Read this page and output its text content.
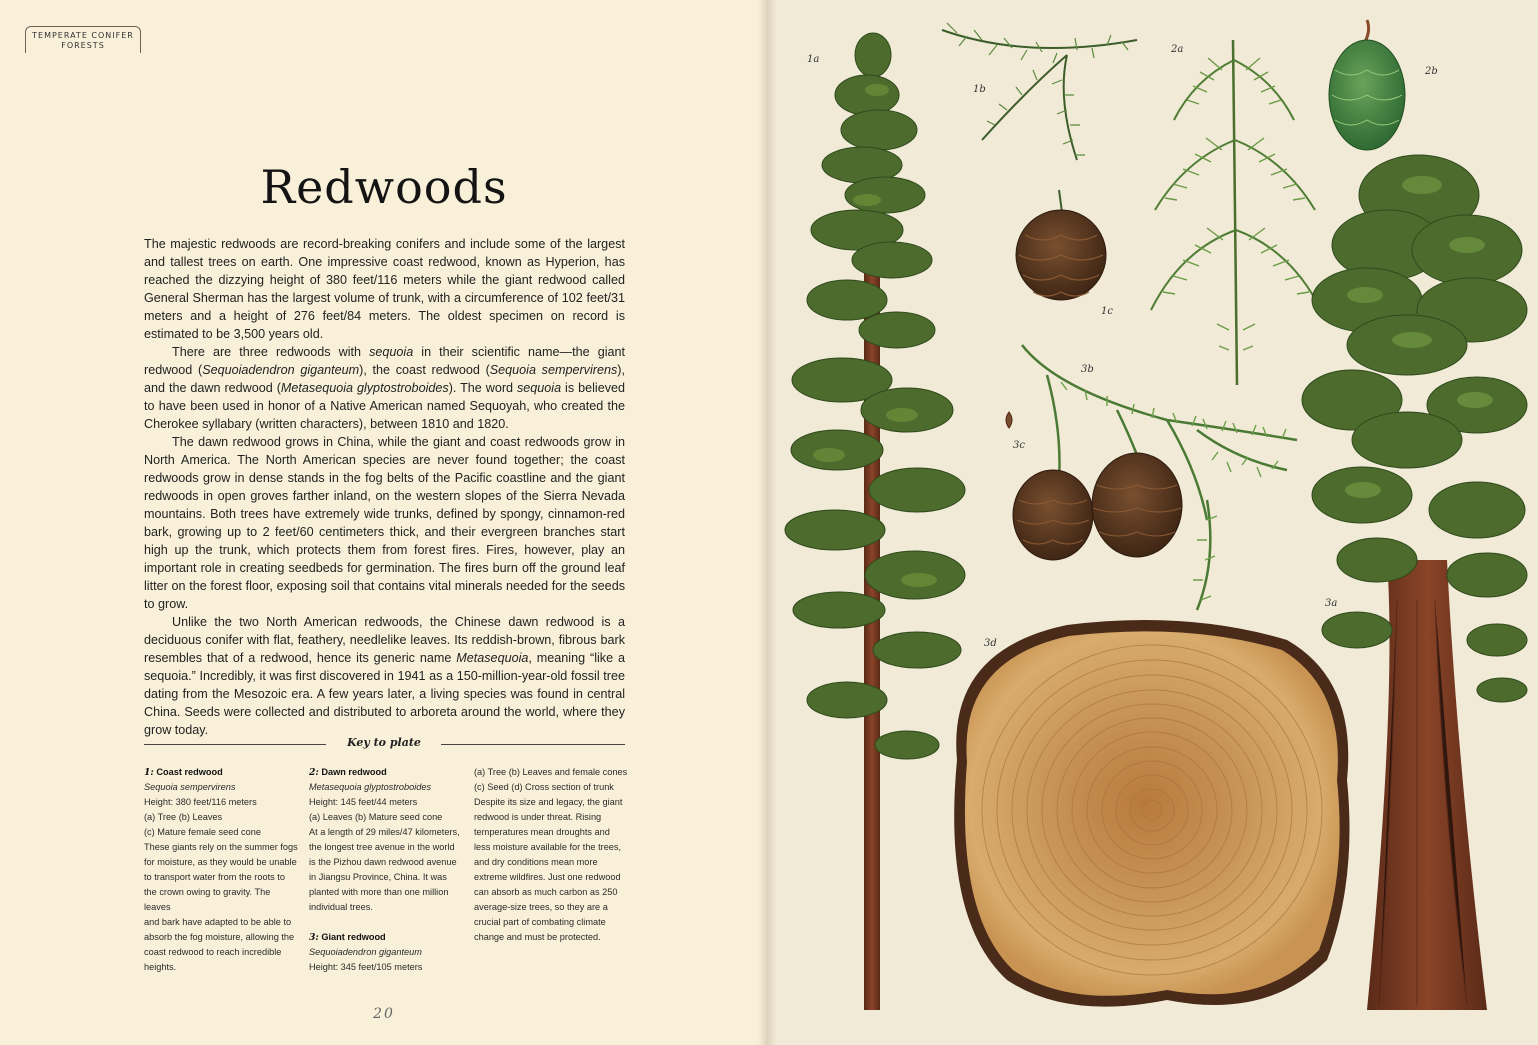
TEMPERATE CONIFER
FORESTS
Redwoods

The majestic redwoods are record-breaking conifers and include some of the largest and tallest trees on earth. One impressive coast redwood, known as Hyperion, has reached the dizzying height of 380 feet/116 meters while the giant redwood called General Sherman has the largest volume of trunk, with a circumference of 102 feet/31 meters and a height of 276 feet/84 meters. The oldest specimen on record is estimated to be 3,500 years old.

There are three redwoods with sequoia in their scientific name—the giant redwood (Sequoiadendron giganteum), the coast redwood (Sequoia sempervirens), and the dawn redwood (Metasequoia glyptostroboides). The word sequoia is believed to have been used in honor of a Native American named Sequoyah, who created the Cherokee syllabary (written characters), between 1810 and 1820.

The dawn redwood grows in China, while the giant and coast redwoods grow in North America. The North American species are never found together; the coast redwoods grow in dense stands in the fog belts of the Pacific coastline and the giant redwoods in open groves farther inland, on the western slopes of the Sierra Nevada mountains. Both trees have extremely wide trunks, defined by spongy, cinnamon-red bark, growing up to 2 feet/60 centimeters thick, and their evergreen branches start high up the trunk, which protects them from forest fires. Fires, however, play an important role in creating seedbeds for germination. The fires burn off the ground leaf litter on the forest floor, exposing soil that contains vital minerals needed for the seeds to grow.

Unlike the two North American redwoods, the Chinese dawn redwood is a deciduous conifer with flat, feathery, needlelike leaves. Its reddish-brown, fibrous bark resembles that of a redwood, hence its generic name Metasequoia, meaning “like a sequoia.” Incredibly, it was first discovered in 1941 as a 150-million-year-old fossil tree dating from the Mesozoic era. A few years later, a living species was found in central China. Seeds were collected and distributed to arboreta around the world, where they grow today.

Key to plate
1: Coast redwood
Sequoia sempervirens
Height: 380 feet/116 meters
(a) Tree (b) Leaves
(c) Mature female seed cone
These giants rely on the summer fogs
for moisture, as they would be unable
to transport water from the roots to
the crown owing to gravity. The leaves
and bark have adapted to be able to
absorb the fog moisture, allowing the
coast redwood to reach incredible
heights.
2: Dawn redwood
Metasequoia glyptostroboides
Height: 145 feet/44 meters
(a) Leaves (b) Mature seed cone
At a length of 29 miles/47 kilometers,
the longest tree avenue in the world
is the Pizhou dawn redwood avenue
in Jiangsu Province, China. It was
planted with more than one million
individual trees.
3: Giant redwood
Sequoiadendron giganteum
Height: 345 feet/105 meters
(a) Tree (b) Leaves and female cones
(c) Seed (d) Cross section of trunk
Despite its size and legacy, the giant
redwood is under threat. Rising
temperatures mean droughts and
less moisture available for the trees,
and dry conditions mean more
extreme wildfires. Just one redwood
can absorb as much carbon as 250
average-size trees, so they are a
crucial part of combating climate
change and must be protected.
20
1a
1b
1c
2a
2b
3b
3c
3d
3a
